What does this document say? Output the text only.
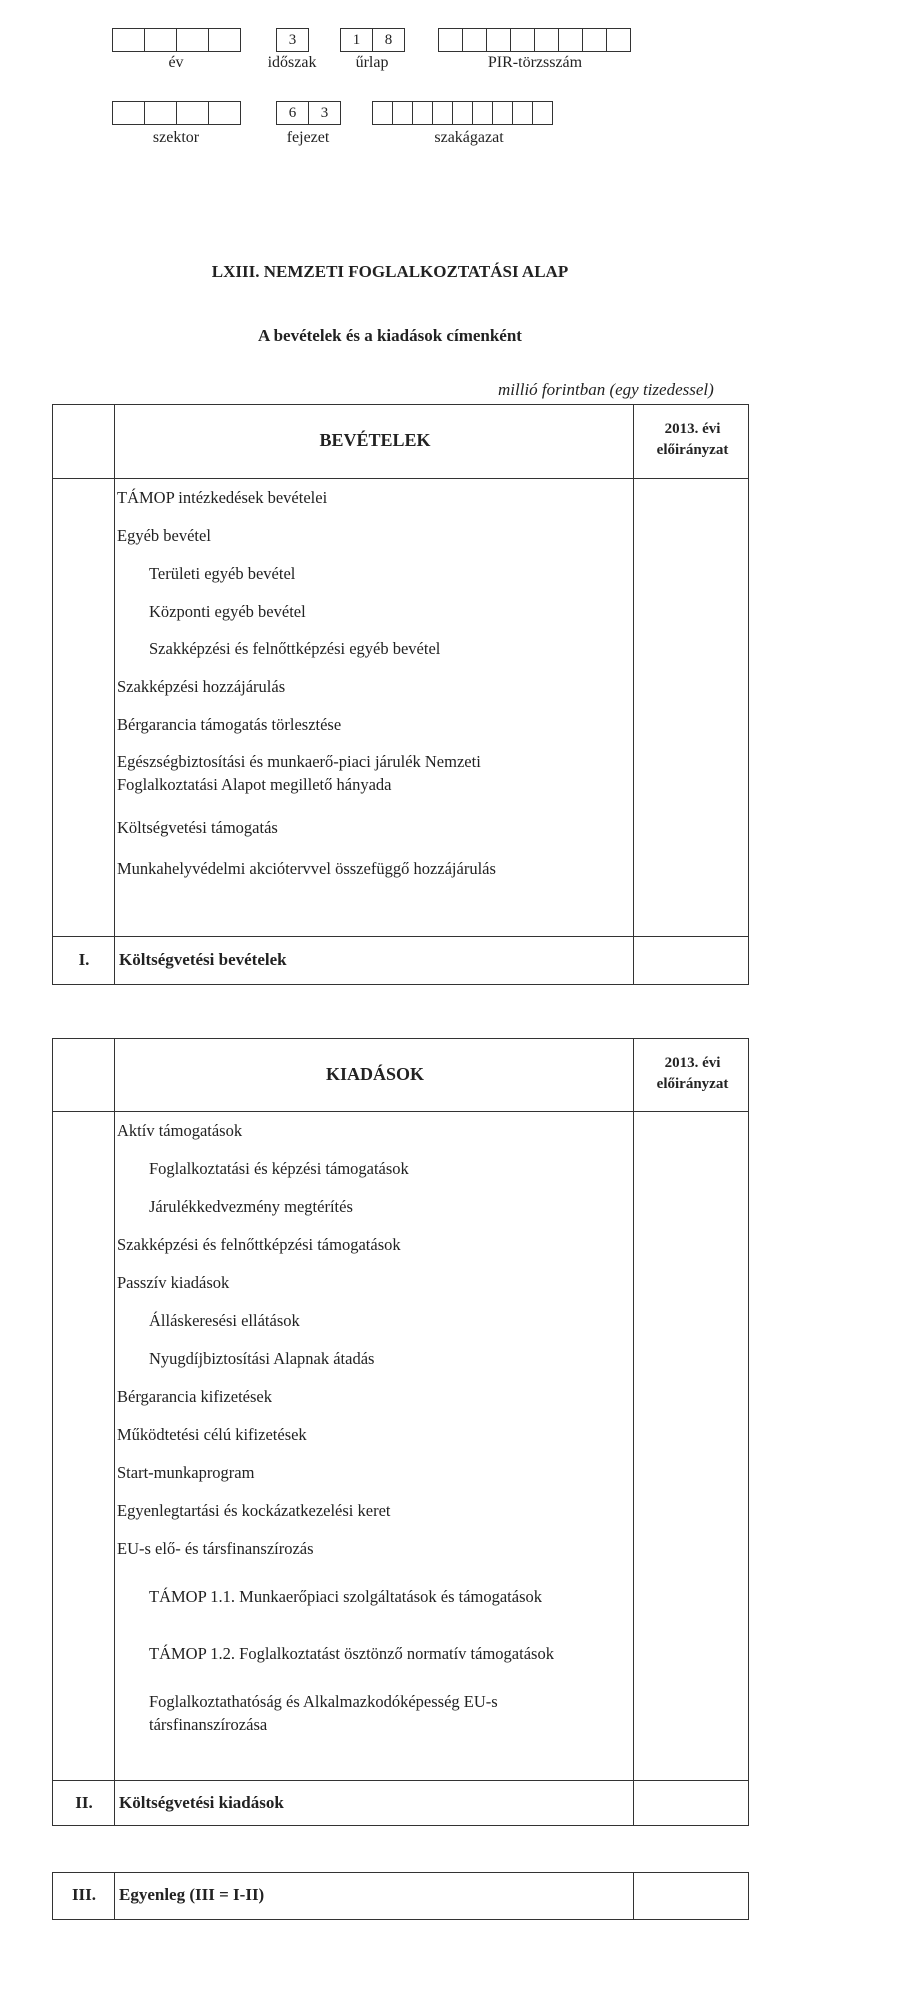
év
3
időszak
1	8
űrlap	PIR-törzsszám
szektor
6	3
fejezet	szakágazat
LXIII. NEMZETI FOGLALKOZTATÁSI ALAP
A bevételek és a kiadások címenként
millió forintban (egy tizedessel)
BEVÉTELEK
2013. évi
előirányzat
TÁMOP intézkedések bevételei
Egyéb bevétel
Területi egyéb bevétel
Központi egyéb bevétel
Szakképzési és felnőttképzési egyéb bevétel
Szakképzési hozzájárulás
Bérgarancia támogatás törlesztése
Egészségbiztosítási és munkaerő-piaci járulék Nemzeti
Foglalkoztatási Alapot megillető hányada
Költségvetési támogatás
Munkahelyvédelmi akciótervvel összefüggő hozzájárulás
I.	Költségvetési bevételek
KIADÁSOK
2013. évi
előirányzat
Aktív támogatások
Foglalkoztatási és képzési támogatások
Járulékkedvezmény megtérítés
Szakképzési és felnőttképzési támogatások
Passzív kiadások
Álláskeresési ellátások
Nyugdíjbiztosítási Alapnak átadás
Bérgarancia kifizetések
Működtetési célú kifizetések
Start-munkaprogram
Egyenlegtartási és kockázatkezelési keret
EU-s elő- és társfinanszírozás
TÁMOP 1.1. Munkaerőpiaci szolgáltatások és támogatások
TÁMOP 1.2. Foglalkoztatást ösztönző normatív támogatások
Foglalkoztathatóság és Alkalmazkodóképesség EU-s
társfinanszírozása
II.	Költségvetési kiadások
III.	Egyenleg (III = I-II)
